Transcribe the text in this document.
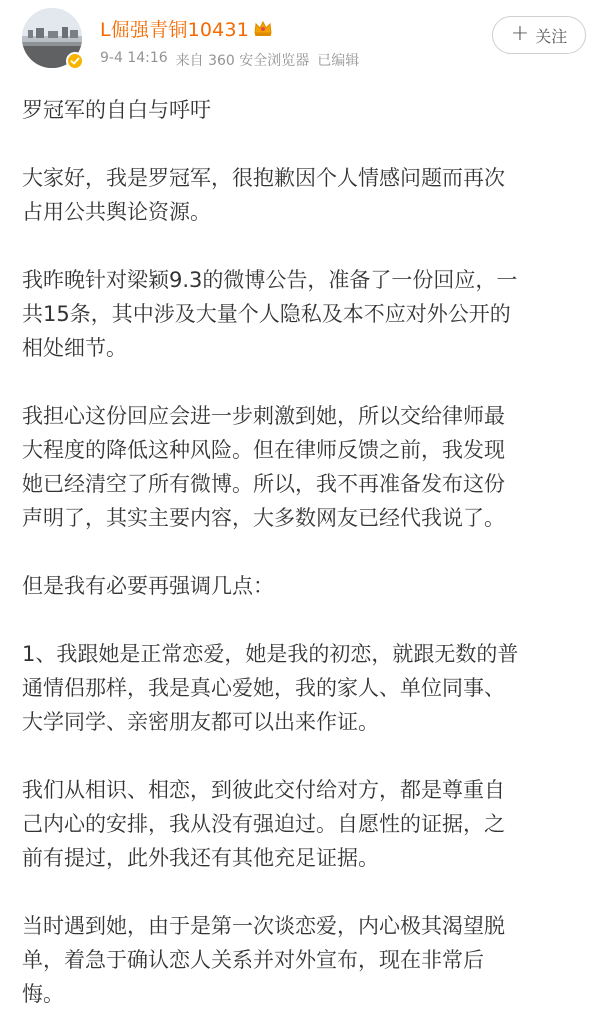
L倔强青铜10431
9-4 14:16 来自 360 安全浏览器 已编辑
+ 关注

罗冠军的自白与呼吁

大家好，我是罗冠军，很抱歉因个人情感问题而再次
占用公共舆论资源。

我昨晚针对梁颖9.3的微博公告，准备了一份回应，一
共15条，其中涉及大量个人隐私及本不应对外公开的
相处细节。

我担心这份回应会进一步刺激到她，所以交给律师最
大程度的降低这种风险。但在律师反馈之前，我发现
她已经清空了所有微博。所以，我不再准备发布这份
声明了，其实主要内容，大多数网友已经代我说了。

但是我有必要再强调几点：

1、我跟她是正常恋爱，她是我的初恋，就跟无数的普
通情侣那样，我是真心爱她，我的家人、单位同事、
大学同学、亲密朋友都可以出来作证。

我们从相识、相恋，到彼此交付给对方，都是尊重自
己内心的安排，我从没有强迫过。自愿性的证据，之
前有提过，此外我还有其他充足证据。

当时遇到她，由于是第一次谈恋爱，内心极其渴望脱
单，着急于确认恋人关系并对外宣布，现在非常后
悔。
